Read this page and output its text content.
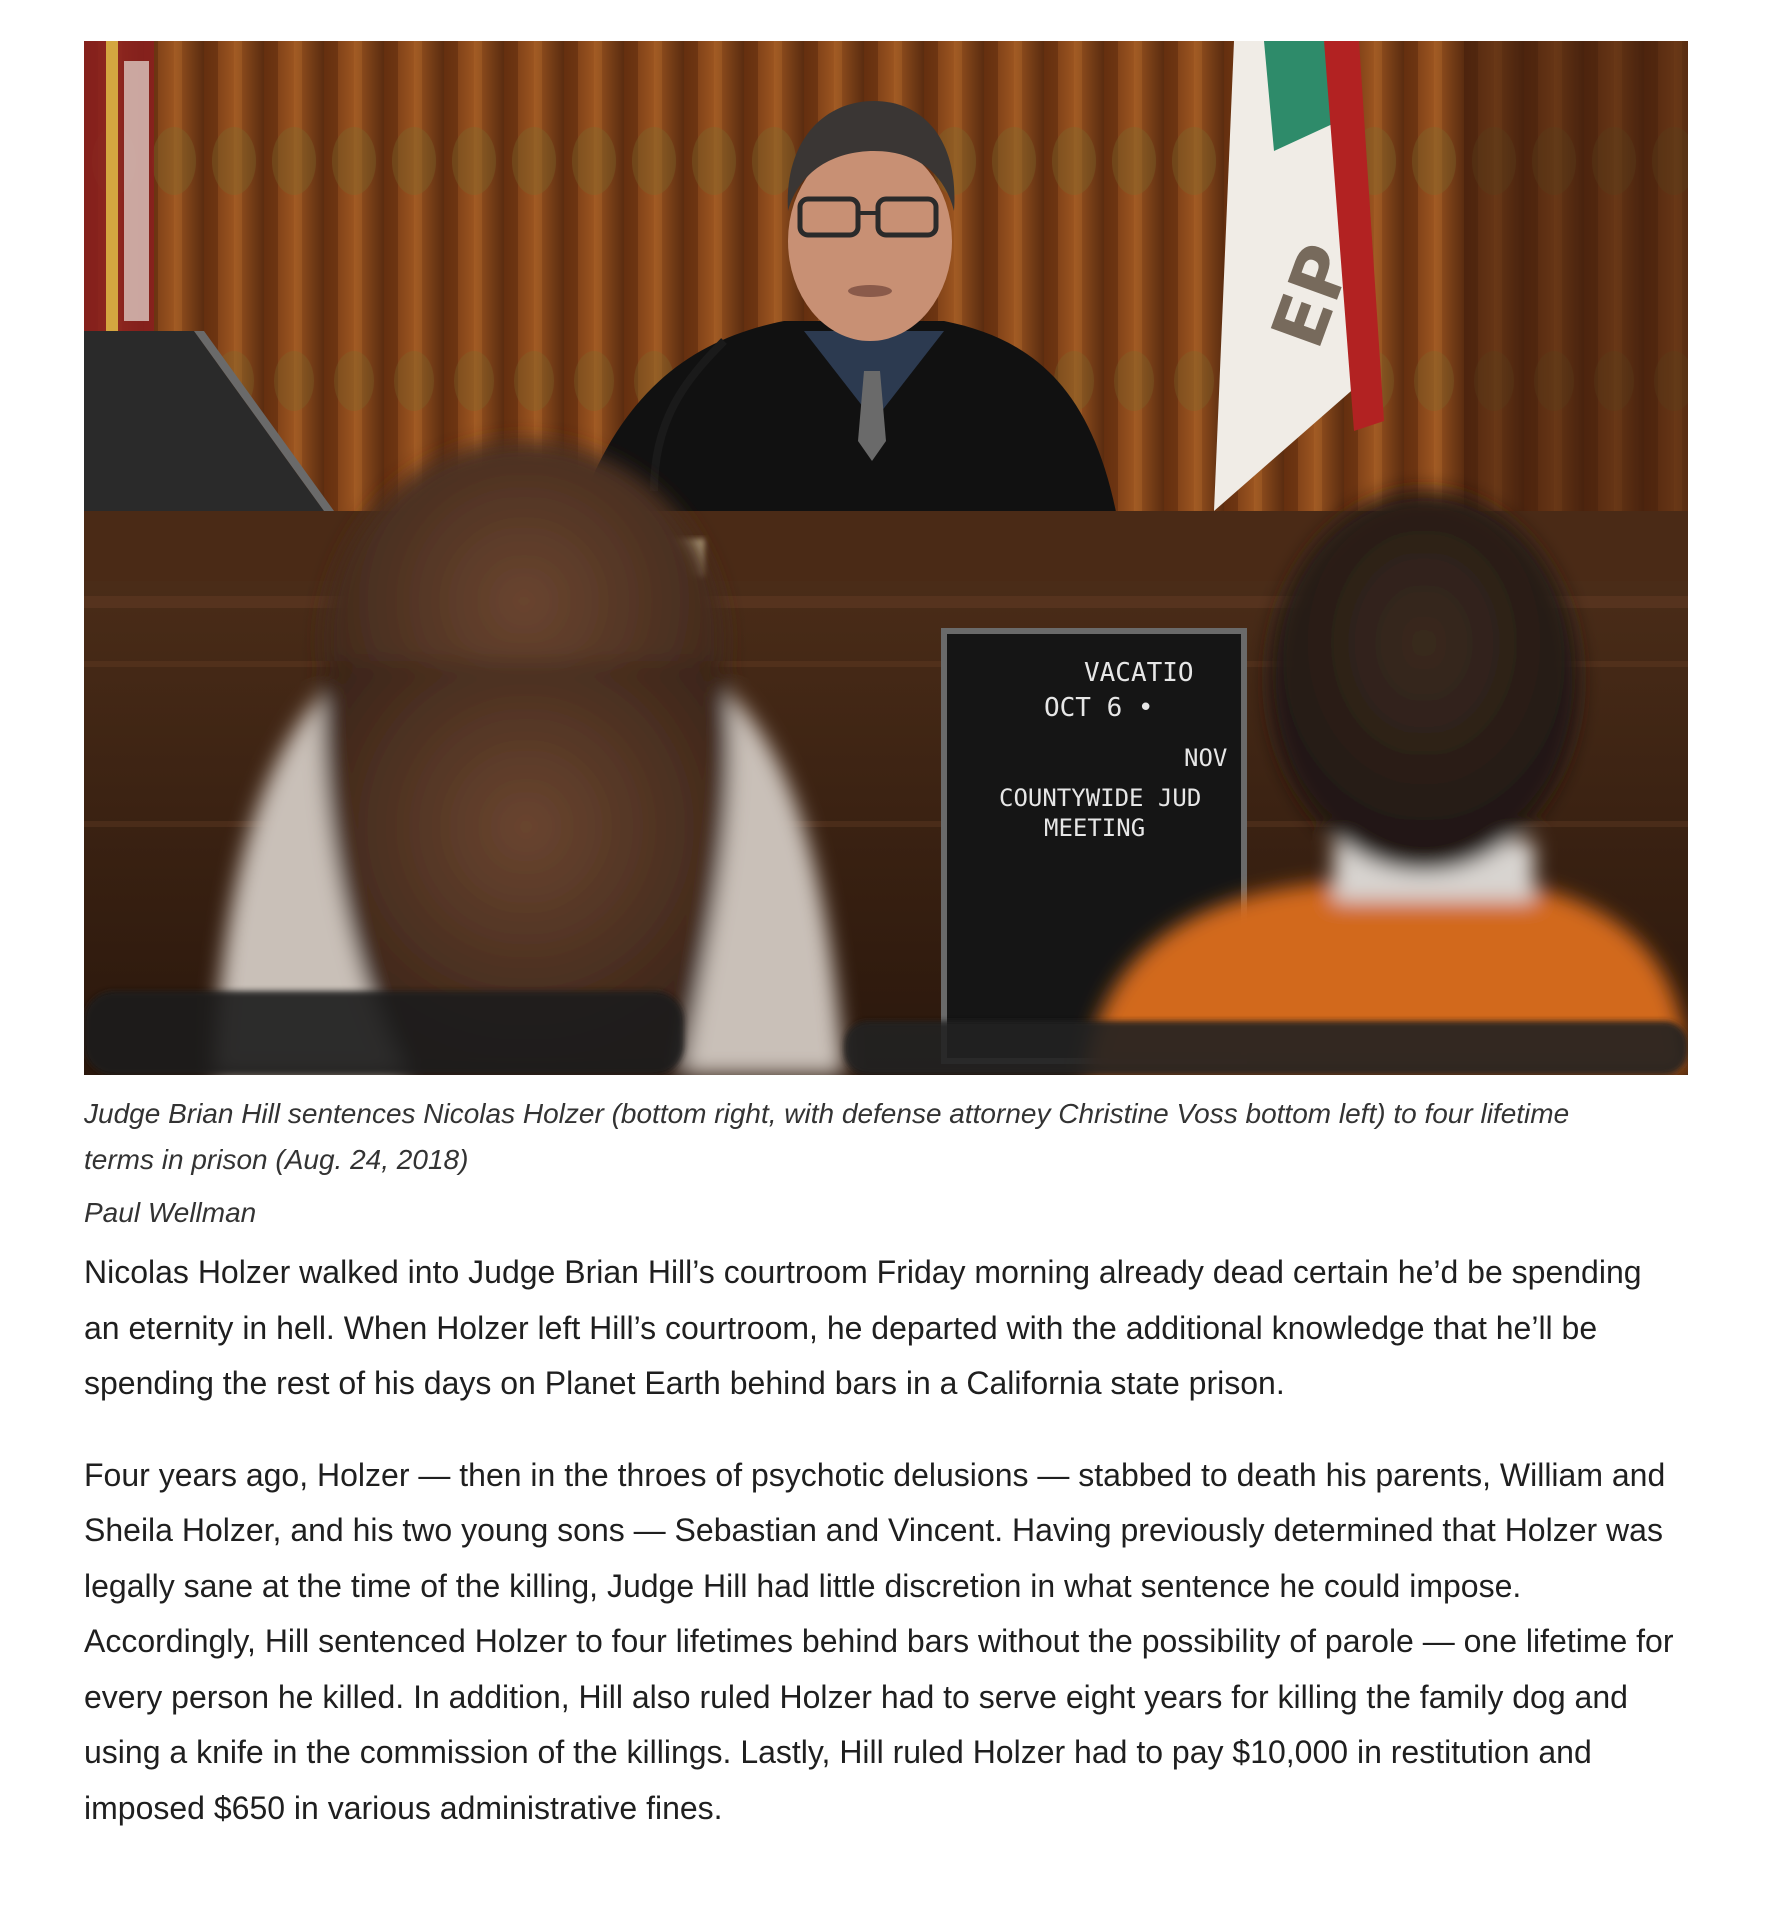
EP
VACATIO
OCT 6 •
NOV
COUNTYWIDE JUD
MEETING
Judge Brian Hill sentences Nicolas Holzer (bottom right, with defense attorney Christine Voss bottom left) to four lifetime terms in prison (Aug. 24, 2018)
Paul Wellman

Nicolas Holzer walked into Judge Brian Hill’s courtroom Friday morning already dead certain he’d be spending an eternity in hell. When Holzer left Hill’s courtroom, he departed with the additional knowledge that he’ll be spending the rest of his days on Planet Earth behind bars in a California state prison.

Four years ago, Holzer — then in the throes of psychotic delusions — stabbed to death his parents, William and Sheila Holzer, and his two young sons — Sebastian and Vincent. Having previously determined that Holzer was legally sane at the time of the killing, Judge Hill had little discretion in what sentence he could impose. Accordingly, Hill sentenced Holzer to four lifetimes behind bars without the possibility of parole — one lifetime for every person he killed. In addition, Hill also ruled Holzer had to serve eight years for killing the family dog and using a knife in the commission of the killings. Lastly, Hill ruled Holzer had to pay $10,000 in restitution and imposed $650 in various administrative fines.
